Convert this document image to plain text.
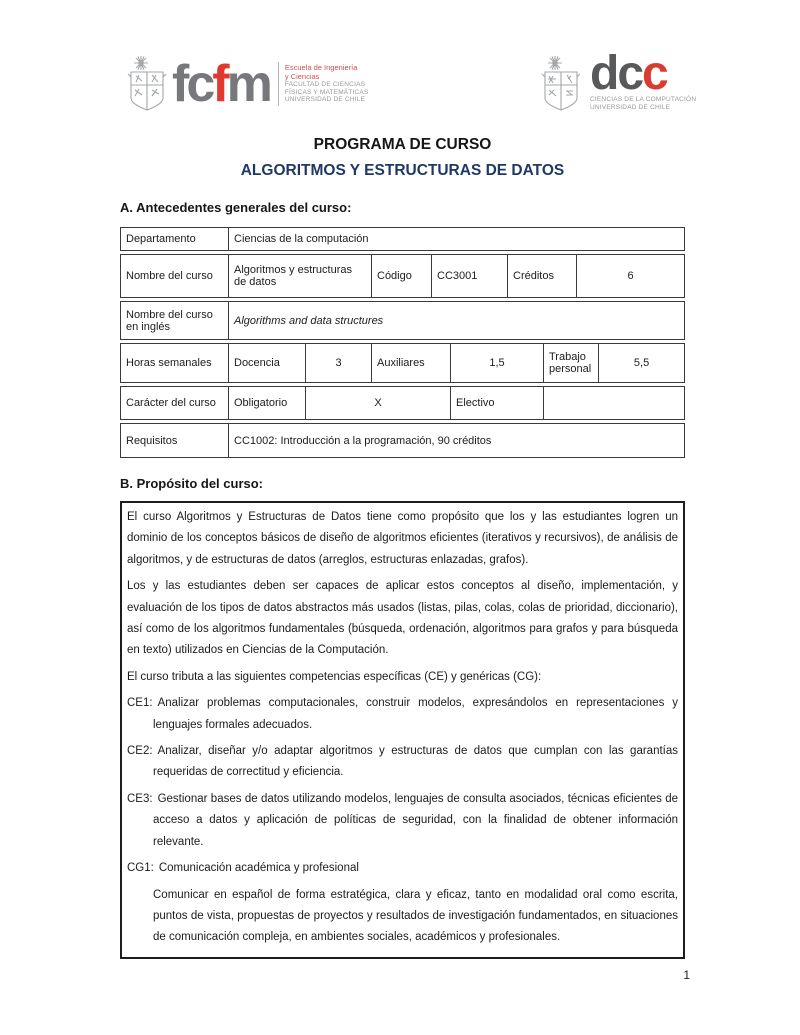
fcfm Escuela de Ingeniería
y Ciencias
FACULTAD DE CIENCIAS
FÍSICAS Y MATEMÁTICAS
UNIVERSIDAD DE CHILE	dcc
CIENCIAS DE LA COMPUTACIÓN
UNIVERSIDAD DE CHILE
PROGRAMA DE CURSO
ALGORITMOS Y ESTRUCTURAS DE DATOS
A. Antecedentes generales del curso:
Departamento	Ciencias de la computación								
Nombre del curso	Algoritmos y estructuras de datos		Código	CC3001		Créditos		6	
Nombre del curso en inglés	Algorithms and data structures								
Horas semanales	Docencia	3	Auxiliares		1,5		Trabajo personal		5,5
Carácter del curso	Obligatorio	X			Electivo				
Requisitos	CC1002: Introducción a la programación, 90 créditos								
B. Propósito del curso:

El curso Algoritmos y Estructuras de Datos tiene como propósito que los y las estudiantes logren un dominio de los conceptos básicos de diseño de algoritmos eficientes (iterativos y recursivos), de análisis de algoritmos, y de estructuras de datos (arreglos, estructuras enlazadas, grafos).

Los y las estudiantes deben ser capaces de aplicar estos conceptos al diseño, implementación, y evaluación de los tipos de datos abstractos más usados (listas, pilas, colas, colas de prioridad, diccionario), así como de los algoritmos fundamentales (búsqueda, ordenación, algoritmos para grafos y para búsqueda en texto) utilizados en Ciencias de la Computación.

El curso tributa a las siguientes competencias específicas (CE) y genéricas (CG):

CE1: Analizar problemas computacionales, construir modelos, expresándolos en representaciones y lenguajes formales adecuados.

CE2: Analizar, diseñar y/o adaptar algoritmos y estructuras de datos que cumplan con las garantías requeridas de correctitud y eficiencia.

CE3: Gestionar bases de datos utilizando modelos, lenguajes de consulta asociados, técnicas eficientes de acceso a datos y aplicación de políticas de seguridad, con la finalidad de obtener información relevante.

CG1: Comunicación académica y profesional

Comunicar en español de forma estratégica, clara y eficaz, tanto en modalidad oral como escrita, puntos de vista, propuestas de proyectos y resultados de investigación fundamentados, en situaciones de comunicación compleja, en ambientes sociales, académicos y profesionales.

1
